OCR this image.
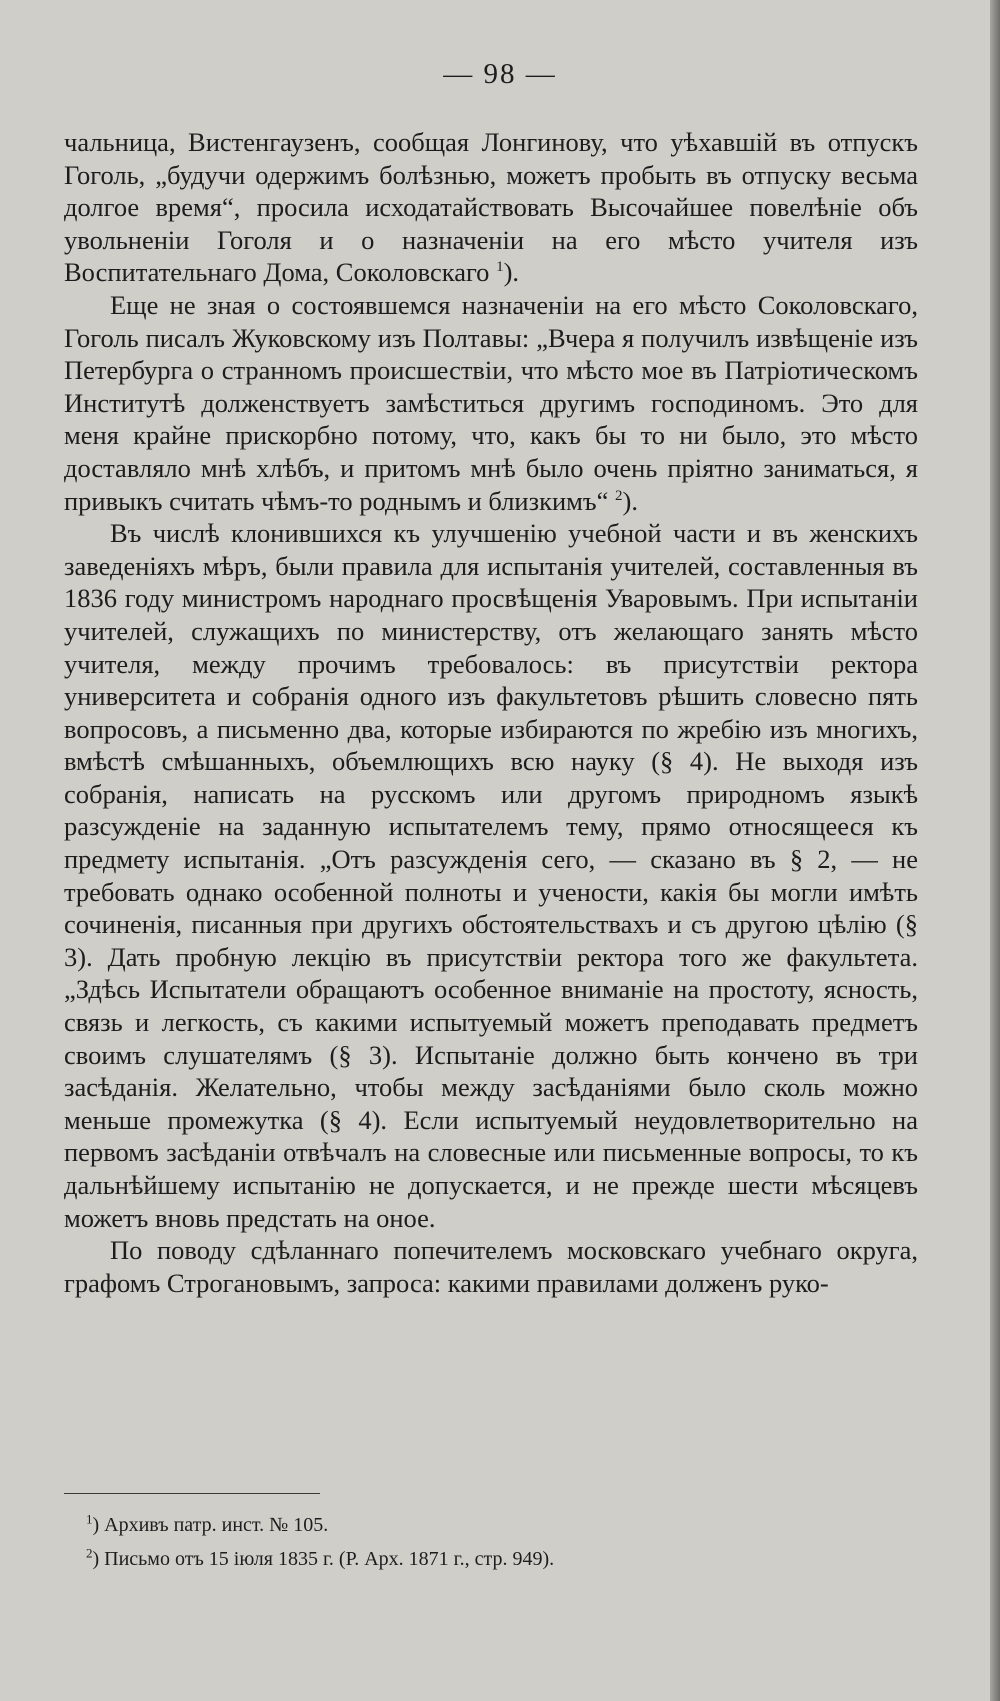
— 98 —

чальница, Вистенгаузенъ, сообщая Лонгинову, что уѣхавшій въ отпускъ Гоголь, „будучи одержимъ болѣзнью, можетъ пробыть въ отпуску весьма долгое время“, просила исходатайствовать Высочайшее повелѣніе объ увольненіи Гоголя и о назначеніи на его мѣсто учителя изъ Воспитательнаго Дома, Соколовскаго $^1$).

Еще не зная о состоявшемся назначеніи на его мѣсто Соколовскаго, Гоголь писалъ Жуковскому изъ Полтавы: „Вчера я получилъ извѣщеніе изъ Петербурга о странномъ происшествіи, что мѣсто мое въ Патріотическомъ Институтѣ долженствуетъ замѣститься другимъ господиномъ. Это для меня крайне прискорбно потому, что, какъ бы то ни было, это мѣсто доставляло мнѣ хлѣбъ, и притомъ мнѣ было очень пріятно заниматься, я привыкъ считать чѣмъ-то роднымъ и близкимъ“ $^2$).

Въ числѣ клонившихся къ улучшенію учебной части и въ женскихъ заведеніяхъ мѣръ, были правила для испытанія учителей, составленныя въ 1836 году министромъ народнаго просвѣщенія Уваровымъ. При испытаніи учителей, служащихъ по министерству, отъ желающаго занять мѣсто учителя, между прочимъ требовалось: въ присутствіи ректора университета и собранія одного изъ факультетовъ рѣшить словесно пять вопросовъ, а письменно два, которые избираются по жребію изъ многихъ, вмѣстѣ смѣшанныхъ, объемлющихъ всю науку (§ 4). Не выходя изъ собранія, написать на русскомъ или другомъ природномъ языкѣ разсужденіе на заданную испытателемъ тему, прямо относящееся къ предмету испытанія. „Отъ разсужденія сего, — сказано въ § 2, — не требовать однако особенной полноты и учености, какія бы могли имѣть сочиненія, писанныя при другихъ обстоятельствахъ и съ другою цѣлію (§ 3). Дать пробную лекцію въ присутствіи ректора того же факультета. „Здѣсь Испытатели обращаютъ особенное вниманіе на простоту, ясность, связь и легкость, съ какими испытуемый можетъ преподавать предметъ своимъ слушателямъ (§ 3). Испытаніе должно быть кончено въ три засѣданія. Желательно, чтобы между засѣданіями было сколь можно меньше промежутка (§ 4). Если испытуемый неудовлетворительно на первомъ засѣданіи отвѣчалъ на словесные или письменные вопросы, то къ дальнѣйшему испытанію не допускается, и не прежде шести мѣсяцевъ можетъ вновь предстать на оное.

По поводу сдѣланнаго попечителемъ московскаго учебнаго округа, графомъ Строгановымъ, запроса: какими правилами долженъ руко-

$^1$) Архивъ патр. инст. № 105.

$^2$) Письмо отъ 15 іюля 1835 г. (Р. Арх. 1871 г., стр. 949).
